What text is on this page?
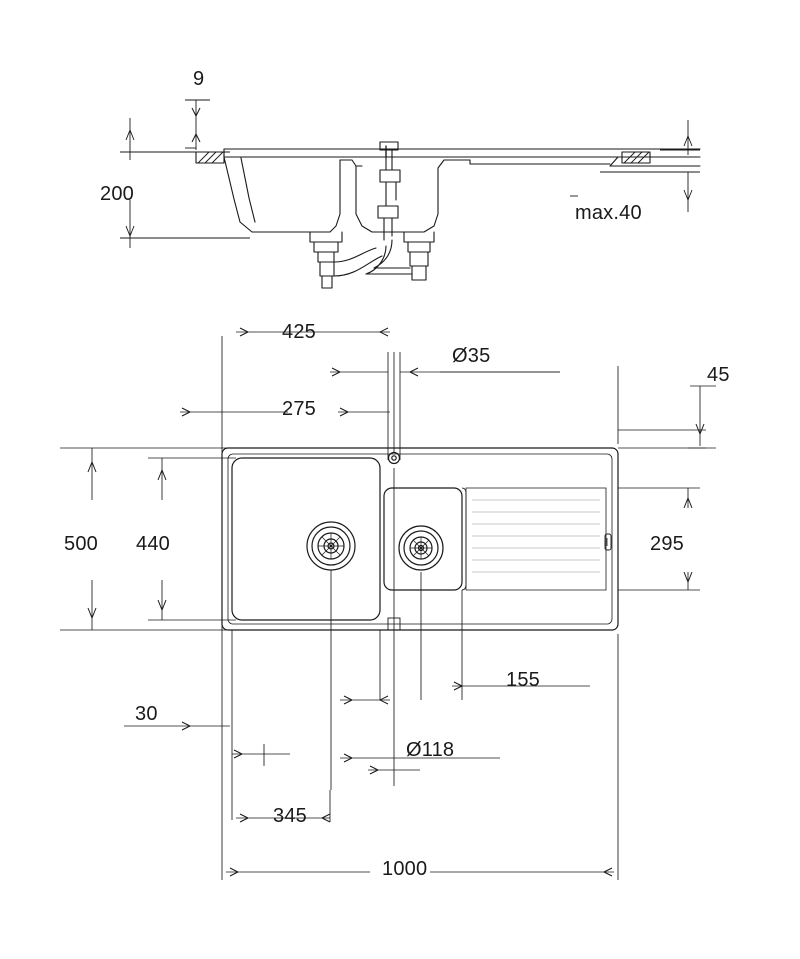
9
200
max.40
425
Ø35
45
275
500 440	295
155
30
Ø118
345
1000
